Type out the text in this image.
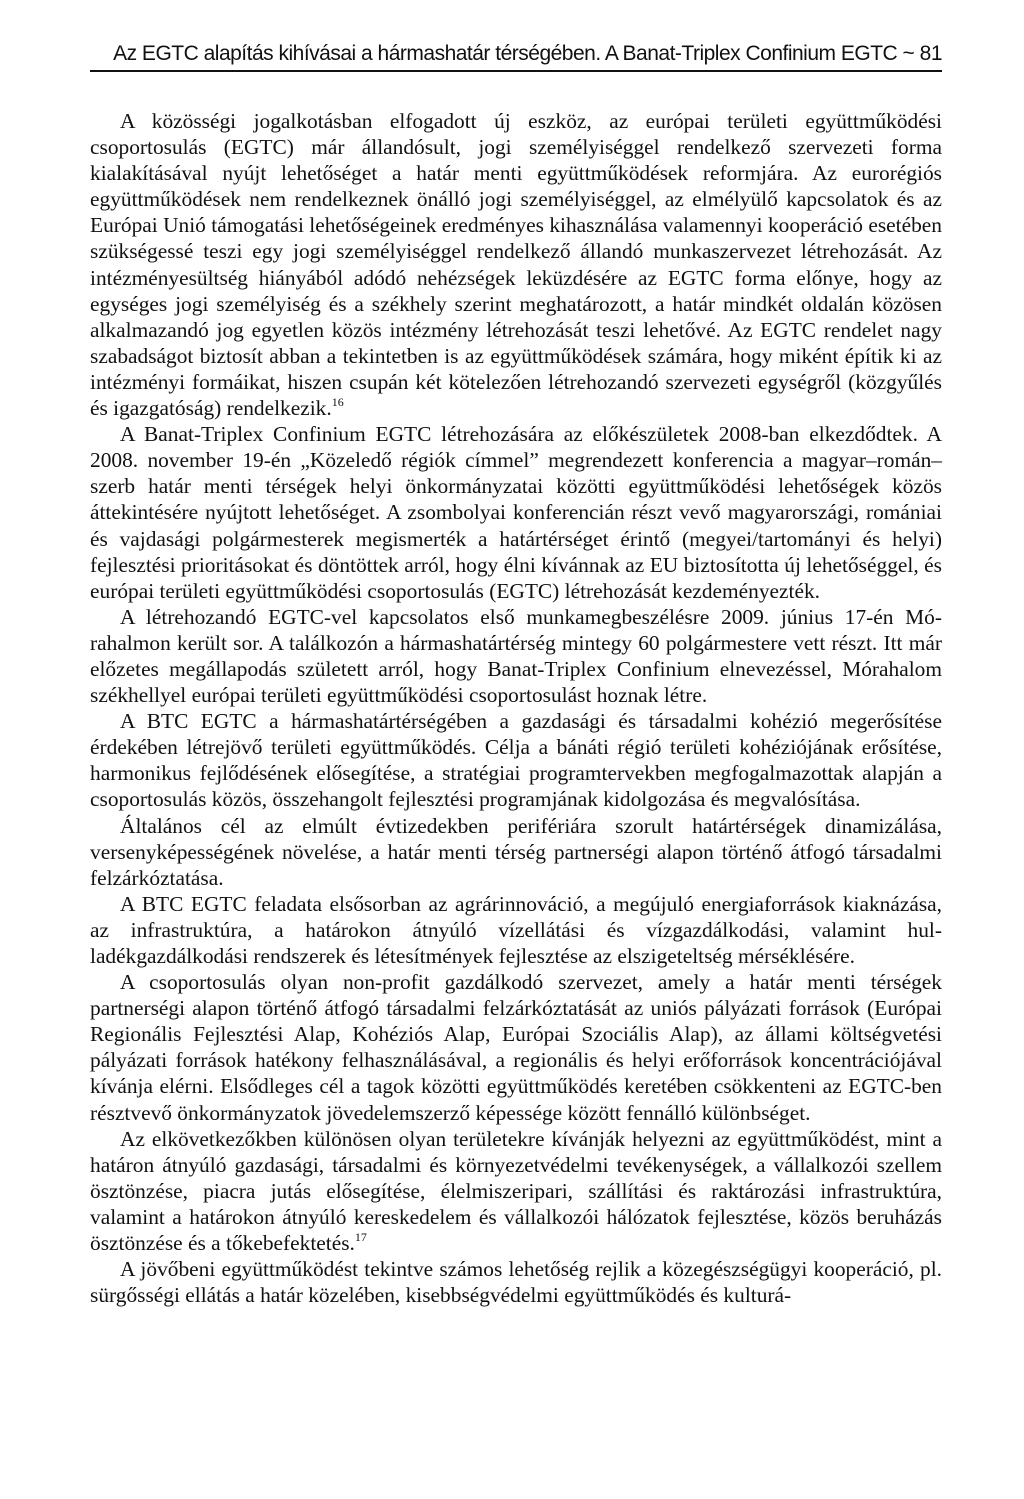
Az EGTC alapítás kihívásai a hármashatár térségében. A Banat-Triplex Confinium EGTC ~ 81

A közösségi jogalkotásban elfogadott új eszköz, az európai területi együttműködési csoportosulás (EGTC) már állandósult, jogi személyiséggel rendelkező szervezeti forma kialakításával nyújt lehetőséget a határ menti együttműködések reformjára. Az eurorégiós együttműködések nem rendelkeznek önálló jogi személyiséggel, az elmélyülő kapcsolatok és az Európai Unió támogatási lehetőségeinek eredményes kihasználása valamennyi kooperáció esetében szükségessé teszi egy jogi személyiséggel rendelkező állandó munkaszervezet létrehozását. Az intézményesültség hiányából adódó nehézségek leküzdésére az EGTC forma előnye, hogy az egységes jogi személyiség és a székhely szerint meghatározott, a határ mindkét oldalán közösen alkalmazandó jog egyetlen közös intézmény létrehozását teszi lehetővé. Az EGTC rendelet nagy szabadságot biztosít abban a tekintetben is az együttműködések számára, hogy miként építik ki az intézményi formáikat, hiszen csupán két kötelezően létrehozandó szervezeti egységről (közgyűlés és igazgatóság) rendelkezik.$^{16}$

A Banat-Triplex Confinium EGTC létrehozására az előkészületek 2008-ban elkezdődtek. A 2008. november 19-én „Közeledő régiók címmel” megrendezett konferencia a magyar–román–szerb határ menti térségek helyi önkormányzatai közötti együttműködési lehetőségek közös áttekintésére nyújtott lehetőséget. A zsombolyai konferencián részt vevő magyarországi, romániai és vajdasági polgármesterek megismerték a határtérséget érintő (megyei/tartományi és helyi) fejlesztési prioritásokat és döntöttek arról, hogy élni kívánnak az EU biztosította új lehetőséggel, és európai területi együttműködési csoportosulás (EGTC) létrehozását kezdeményezték.

A létrehozandó EGTC-vel kapcsolatos első munkamegbeszélésre 2009. június 17-én Mórahalmon került sor. A találkozón a hármashatártérség mintegy 60 polgármestere vett részt. Itt már előzetes megállapodás született arról, hogy Banat-Triplex Confinium elnevezéssel, Mórahalom székhellyel európai területi együttműködési csoportosulást hoznak létre.

A BTC EGTC a hármashatártérségében a gazdasági és társadalmi kohézió megerősítése érdekében létrejövő területi együttműködés. Célja a bánáti régió területi kohéziójának erősítése, harmonikus fejlődésének elősegítése, a stratégiai programtervekben megfogalmazottak alapján a csoportosulás közös, összehangolt fejlesztési programjának kidolgozása és megvalósítása.

Általános cél az elmúlt évtizedekben perifériára szorult határtérségek dinamizálása, versenyképességének növelése, a határ menti térség partnerségi alapon történő átfogó társadalmi felzárkóztatása.

A BTC EGTC feladata elsősorban az agrárinnováció, a megújuló energiaforrások kiaknázása, az infrastruktúra, a határokon átnyúló vízellátási és vízgazdálkodási, valamint hulladékgazdálkodási rendszerek és létesítmények fejlesztése az elszigeteltség mérséklésére.

A csoportosulás olyan non-profit gazdálkodó szervezet, amely a határ menti térségek partnerségi alapon történő átfogó társadalmi felzárkóztatását az uniós pályázati források (Európai Regionális Fejlesztési Alap, Kohéziós Alap, Európai Szociális Alap), az állami költségvetési pályázati források hatékony felhasználásával, a regionális és helyi erőforrások koncentrációjával kívánja elérni. Elsődleges cél a tagok közötti együttműködés keretében csökkenteni az EGTC-ben résztvevő önkormányzatok jövedelemszerző képessége között fennálló különbséget.

Az elkövetkezőkben különösen olyan területekre kívánják helyezni az együttműködést, mint a határon átnyúló gazdasági, társadalmi és környezetvédelmi tevékenységek, a vállalkozói szellem ösztönzése, piacra jutás elősegítése, élelmiszeripari, szállítási és raktározási infrastruktúra, valamint a határokon átnyúló kereskedelem és vállalkozói hálózatok fejlesztése, közös beruházás ösztönzése és a tőkebefektetés.$^{17}$

A jövőbeni együttműködést tekintve számos lehetőség rejlik a közegészségügyi kooperáció, pl. sürgősségi ellátás a határ közelében, kisebbségvédelmi együttműködés és kulturá-
